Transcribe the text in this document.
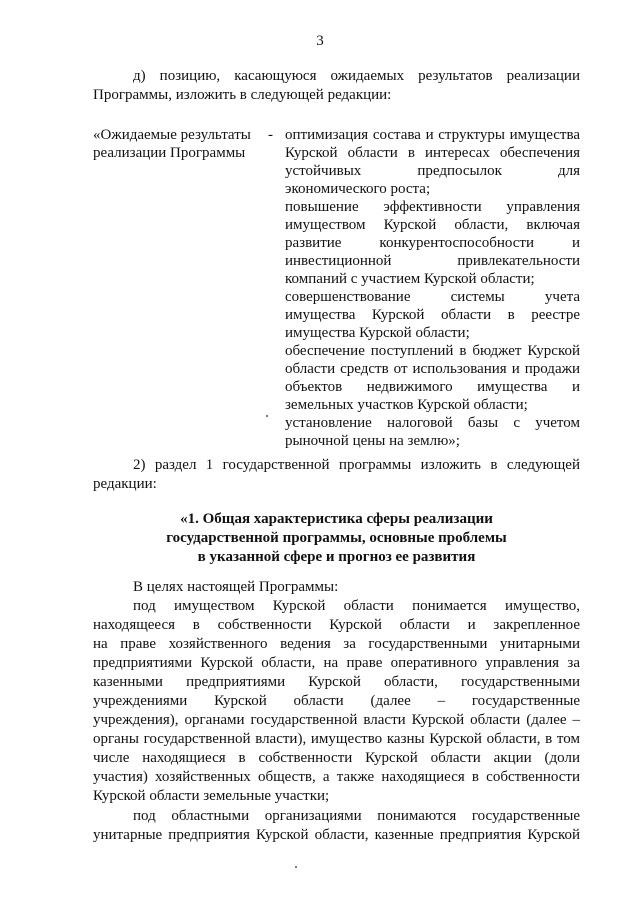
3
д) позицию, касающуюся ожидаемых результатов реализации
Программы, изложить в следующей редакции:
«Ожидаемые результаты реализации Программы
- оптимизация состава и структуры имущества
Курской области в интересах обеспечения
устойчивых предпосылок для
экономического роста;
повышение эффективности управления
имуществом Курской области, включая
развитие конкурентоспособности и
инвестиционной привлекательности
компаний с участием Курской области;
совершенствование системы учета
имущества Курской области в реестре
имущества Курской области;
обеспечение поступлений в бюджет Курской
области средств от использования и продажи
объектов недвижимого имущества и
земельных участков Курской области;
установление налоговой базы с учетом
рыночной цены на землю»;
2) раздел 1 государственной программы изложить в следующей
редакции:
«1. Общая характеристика сферы реализации
государственной программы, основные проблемы
в указанной сфере и прогноз ее развития
В целях настоящей Программы:
под имуществом Курской области понимается имущество,
находящееся в собственности Курской области и закрепленное
на праве хозяйственного ведения за государственными унитарными
предприятиями Курской области, на праве оперативного управления за
казенными предприятиями Курской области, государственными
учреждениями Курской области (далее – государственные
учреждения), органами государственной власти Курской области (далее –
органы государственной власти), имущество казны Курской области, в том
числе находящиеся в собственности Курской области акции (доли
участия) хозяйственных обществ, а также находящиеся в собственности
Курской области земельные участки;
под областными организациями понимаются государственные
унитарные предприятия Курской области, казенные предприятия Курской
